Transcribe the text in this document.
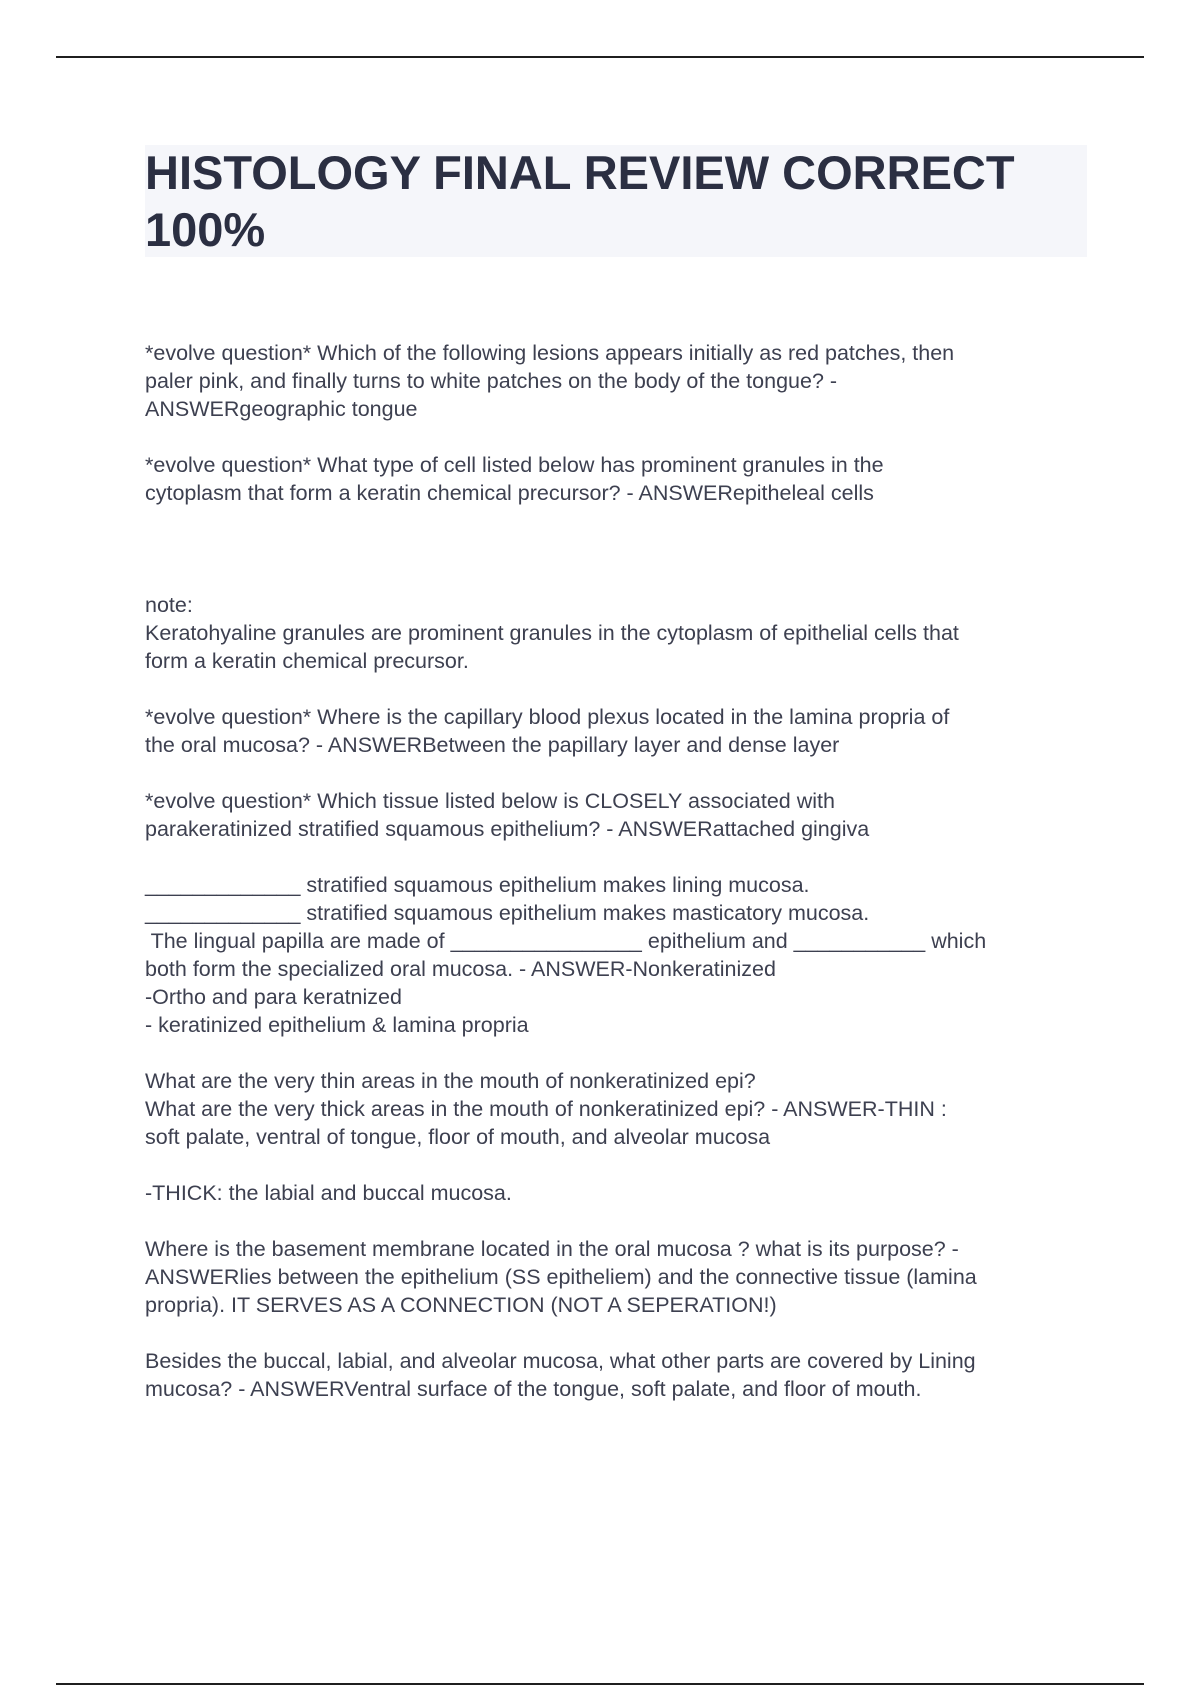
HISTOLOGY FINAL REVIEW CORRECT
100%

*evolve question* Which of the following lesions appears initially as red patches, then

paler pink, and finally turns to white patches on the body of the tongue? -

ANSWERgeographic tongue

*evolve question* What type of cell listed below has prominent granules in the

cytoplasm that form a keratin chemical precursor? - ANSWERepitheleal cells

note:

Keratohyaline granules are prominent granules in the cytoplasm of epithelial cells that

form a keratin chemical precursor.

*evolve question* Where is the capillary blood plexus located in the lamina propria of

the oral mucosa? - ANSWERBetween the papillary layer and dense layer

*evolve question* Which tissue listed below is CLOSELY associated with

parakeratinized stratified squamous epithelium? - ANSWERattached gingiva

_____________ stratified squamous epithelium makes lining mucosa.

_____________ stratified squamous epithelium makes masticatory mucosa.

The lingual papilla are made of ________________ epithelium and ___________ which

both form the specialized oral mucosa. - ANSWER-Nonkeratinized

-Ortho and para keratnized

- keratinized epithelium & lamina propria

What are the very thin areas in the mouth of nonkeratinized epi?

What are the very thick areas in the mouth of nonkeratinized epi? - ANSWER-THIN :

soft palate, ventral of tongue, floor of mouth, and alveolar mucosa

-THICK: the labial and buccal mucosa.

Where is the basement membrane located in the oral mucosa ? what is its purpose? -

ANSWERlies between the epithelium (SS epitheliem) and the connective tissue (lamina

propria). IT SERVES AS A CONNECTION (NOT A SEPERATION!)

Besides the buccal, labial, and alveolar mucosa, what other parts are covered by Lining

mucosa? - ANSWERVentral surface of the tongue, soft palate, and floor of mouth.
